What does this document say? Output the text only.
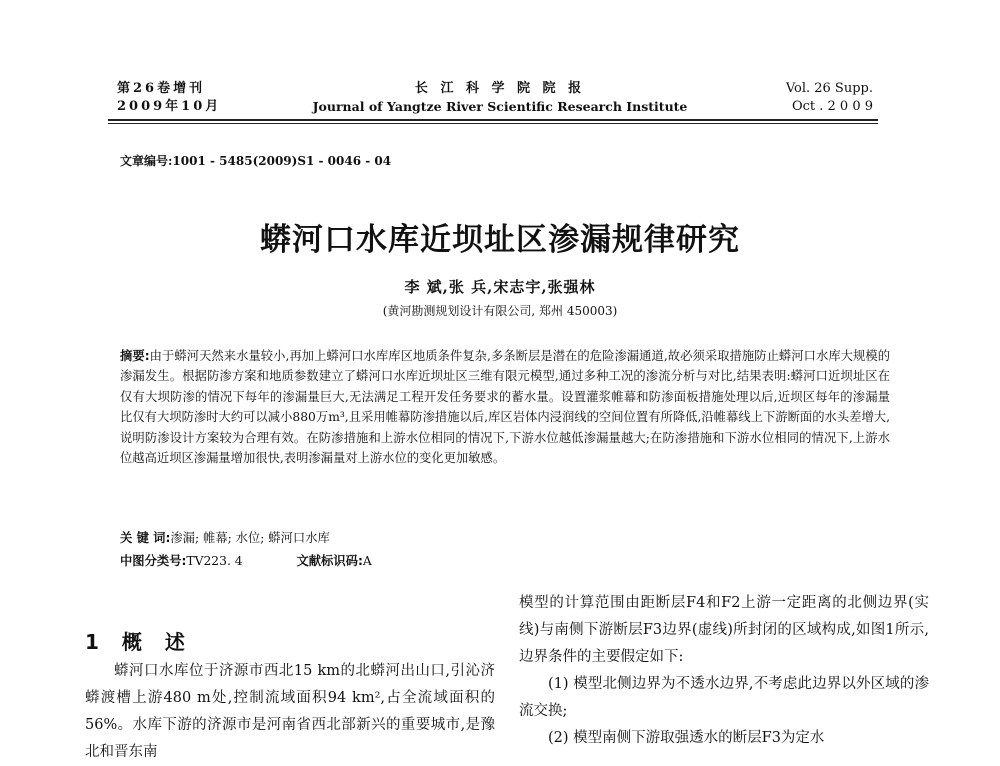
第26卷增刊
2009年10月
长 江 科 学 院 院 报
Journal of Yangtze River Scientific Research Institute
Vol. 26 Supp.
Oct . 2 0 0 9
文章编号:1001 - 5485(2009)S1 - 0046 - 04
蟒河口水库近坝址区渗漏规律研究
李 斌,张 兵,宋志宇,张强林
(黄河勘测规划设计有限公司, 郑州 450003)
摘要:由于蟒河天然来水量较小,再加上蟒河口水库库区地质条件复杂,多条断层是潜在的危险渗漏通道,故必须采取措施防止蟒河口水库大规模的渗漏发生。根据防渗方案和地质参数建立了蟒河口水库近坝址区三维有限元模型,通过多种工况的渗流分析与对比,结果表明:蟒河口近坝址区在仅有大坝防渗的情况下每年的渗漏量巨大,无法满足工程开发任务要求的蓄水量。设置灌浆帷幕和防渗面板措施处理以后,近坝区每年的渗漏量比仅有大坝防渗时大约可以减小880万m³,且采用帷幕防渗措施以后,库区岩体内浸润线的空间位置有所降低,沿帷幕线上下游断面的水头差增大,说明防渗设计方案较为合理有效。在防渗措施和上游水位相同的情况下,下游水位越低渗漏量越大;在防渗措施和下游水位相同的情况下,上游水位越高近坝区渗漏量增加很快,表明渗漏量对上游水位的变化更加敏感。
关 键 词:渗漏; 帷幕; 水位; 蟒河口水库
中图分类号:TV223. 4	文献标识码:A
1 概 述
蟒河口水库位于济源市西北15 km的北蟒河出山口,引沁济蟒渡槽上游480 m处,控制流域面积94 km²,占全流域面积的56%。水库下游的济源市是河南省西北部新兴的重要城市,是豫北和晋东南
模型的计算范围由距断层F4和F2上游一定距离的北侧边界(实线)与南侧下游断层F3边界(虚线)所封闭的区域构成,如图1所示,边界条件的主要假定如下:
(1) 模型北侧边界为不透水边界,不考虑此边界以外区域的渗流交换;
(2) 模型南侧下游取强透水的断层F3为定水
